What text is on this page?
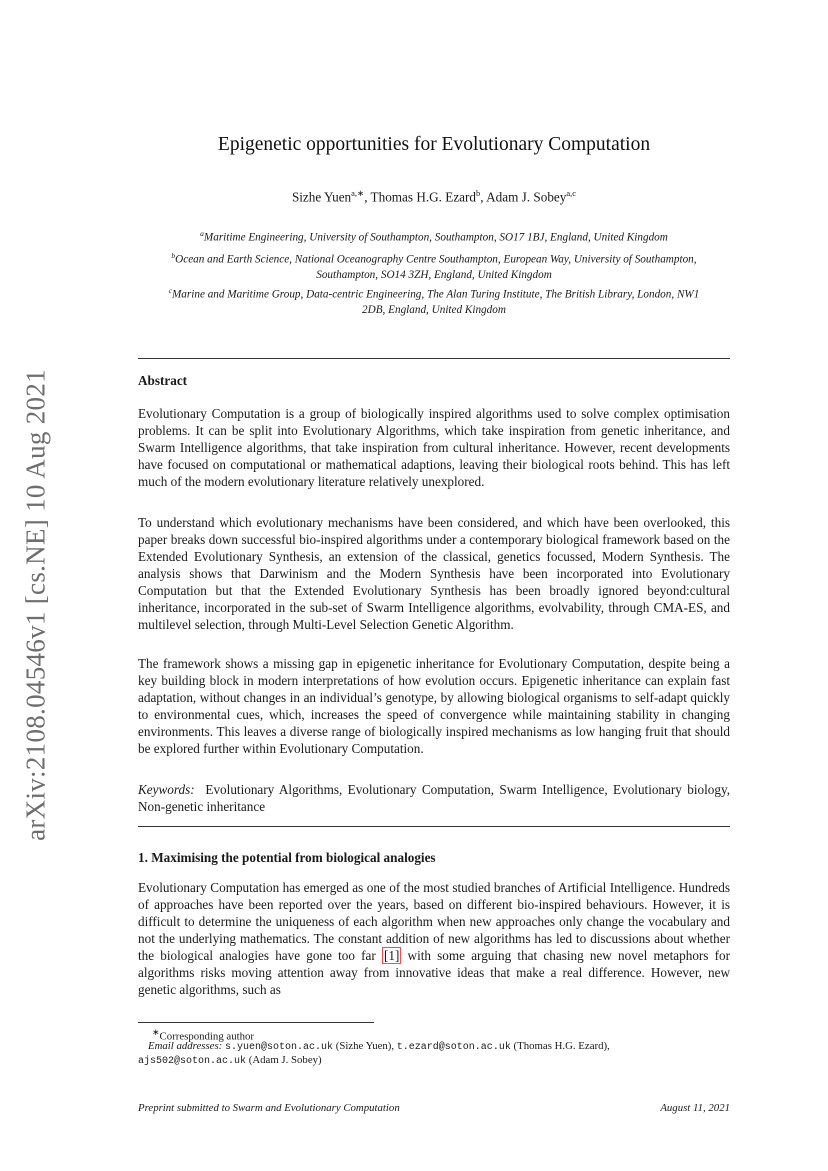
arXiv:2108.04546v1 [cs.NE] 10 Aug 2021
Epigenetic opportunities for Evolutionary Computation
Sizhe Yuen$^{a,∗}$, Thomas H.G. Ezard$^b$, Adam J. Sobey$^{a,c}$
$^a$Maritime Engineering, University of Southampton, Southampton, SO17 1BJ, England, United Kingdom
$^b$Ocean and Earth Science, National Oceanography Centre Southampton, European Way, University of Southampton, Southampton, SO14 3ZH, England, United Kingdom
$^c$Marine and Maritime Group, Data-centric Engineering, The Alan Turing Institute, The British Library, London, NW1 2DB, England, United Kingdom
Abstract

Evolutionary Computation is a group of biologically inspired algorithms used to solve complex optimisation problems. It can be split into Evolutionary Algorithms, which take inspiration from genetic inheritance, and Swarm Intelligence algorithms, that take inspiration from cultural inheritance. However, recent developments have focused on computational or mathematical adaptions, leaving their biological roots behind. This has left much of the modern evolutionary literature relatively unexplored.

To understand which evolutionary mechanisms have been considered, and which have been overlooked, this paper breaks down successful bio-inspired algorithms under a contemporary biological framework based on the Extended Evolutionary Synthesis, an extension of the classical, genetics focussed, Modern Synthesis. The analysis shows that Darwinism and the Modern Synthesis have been incorporated into Evolutionary Computation but that the Extended Evolutionary Synthesis has been broadly ignored beyond:cultural inheritance, incorporated in the sub-set of Swarm Intelligence algorithms, evolvability, through CMA-ES, and multilevel selection, through Multi-Level Selection Genetic Algorithm.

The framework shows a missing gap in epigenetic inheritance for Evolutionary Computation, despite being a key building block in modern interpretations of how evolution occurs. Epigenetic inheritance can explain fast adaptation, without changes in an individual’s genotype, by allowing biological organisms to self-adapt quickly to environmental cues, which, increases the speed of convergence while maintaining stability in changing environments. This leaves a diverse range of biologically inspired mechanisms as low hanging fruit that should be explored further within Evolutionary Computation.

Keywords: Evolutionary Algorithms, Evolutionary Computation, Swarm Intelligence, Evolutionary biology, Non-genetic inheritance

1. Maximising the potential from biological analogies

Evolutionary Computation has emerged as one of the most studied branches of Artificial Intelligence. Hundreds of approaches have been reported over the years, based on different bio-inspired behaviours. However, it is difficult to determine the uniqueness of each algorithm when new approaches only change the vocabulary and not the underlying mathematics. The constant addition of new algorithms has led to discussions about whether the biological analogies have gone too far [1] with some arguing that chasing new novel metaphors for algorithms risks moving attention away from innovative ideas that make a real difference. However, new genetic algorithms, such as

∗Corresponding author
Email addresses: s.yuen@soton.ac.uk (Sizhe Yuen), t.ezard@soton.ac.uk (Thomas H.G. Ezard),
ajs502@soton.ac.uk (Adam J. Sobey)
Preprint submitted to Swarm and Evolutionary Computation	August 11, 2021
